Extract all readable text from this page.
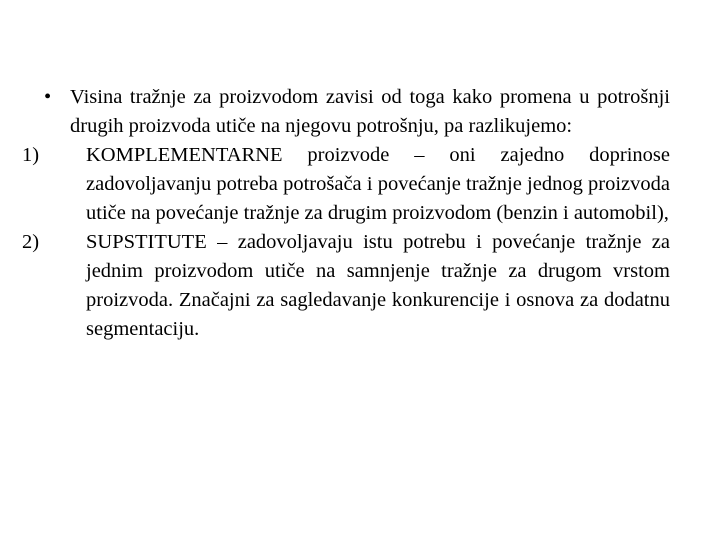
• Visina tražnje za proizvodom zavisi od toga kako promena u potrošnji drugih proizvoda utiče na njegovu potrošnju, pa razlikujemo:
1) KOMPLEMENTARNE proizvode – oni zajedno doprinose zadovoljavanju potreba potrošača i povećanje tražnje jednog proizvoda utiče na povećanje tražnje za drugim proizvodom (benzin i automobil),
2) SUPSTITUTE – zadovoljavaju istu potrebu i povećanje tražnje za jednim proizvodom utiče na samnjenje tražnje za drugom vrstom proizvoda. Značajni za sagledavanje konkurencije i osnova za dodatnu segmentaciju.
